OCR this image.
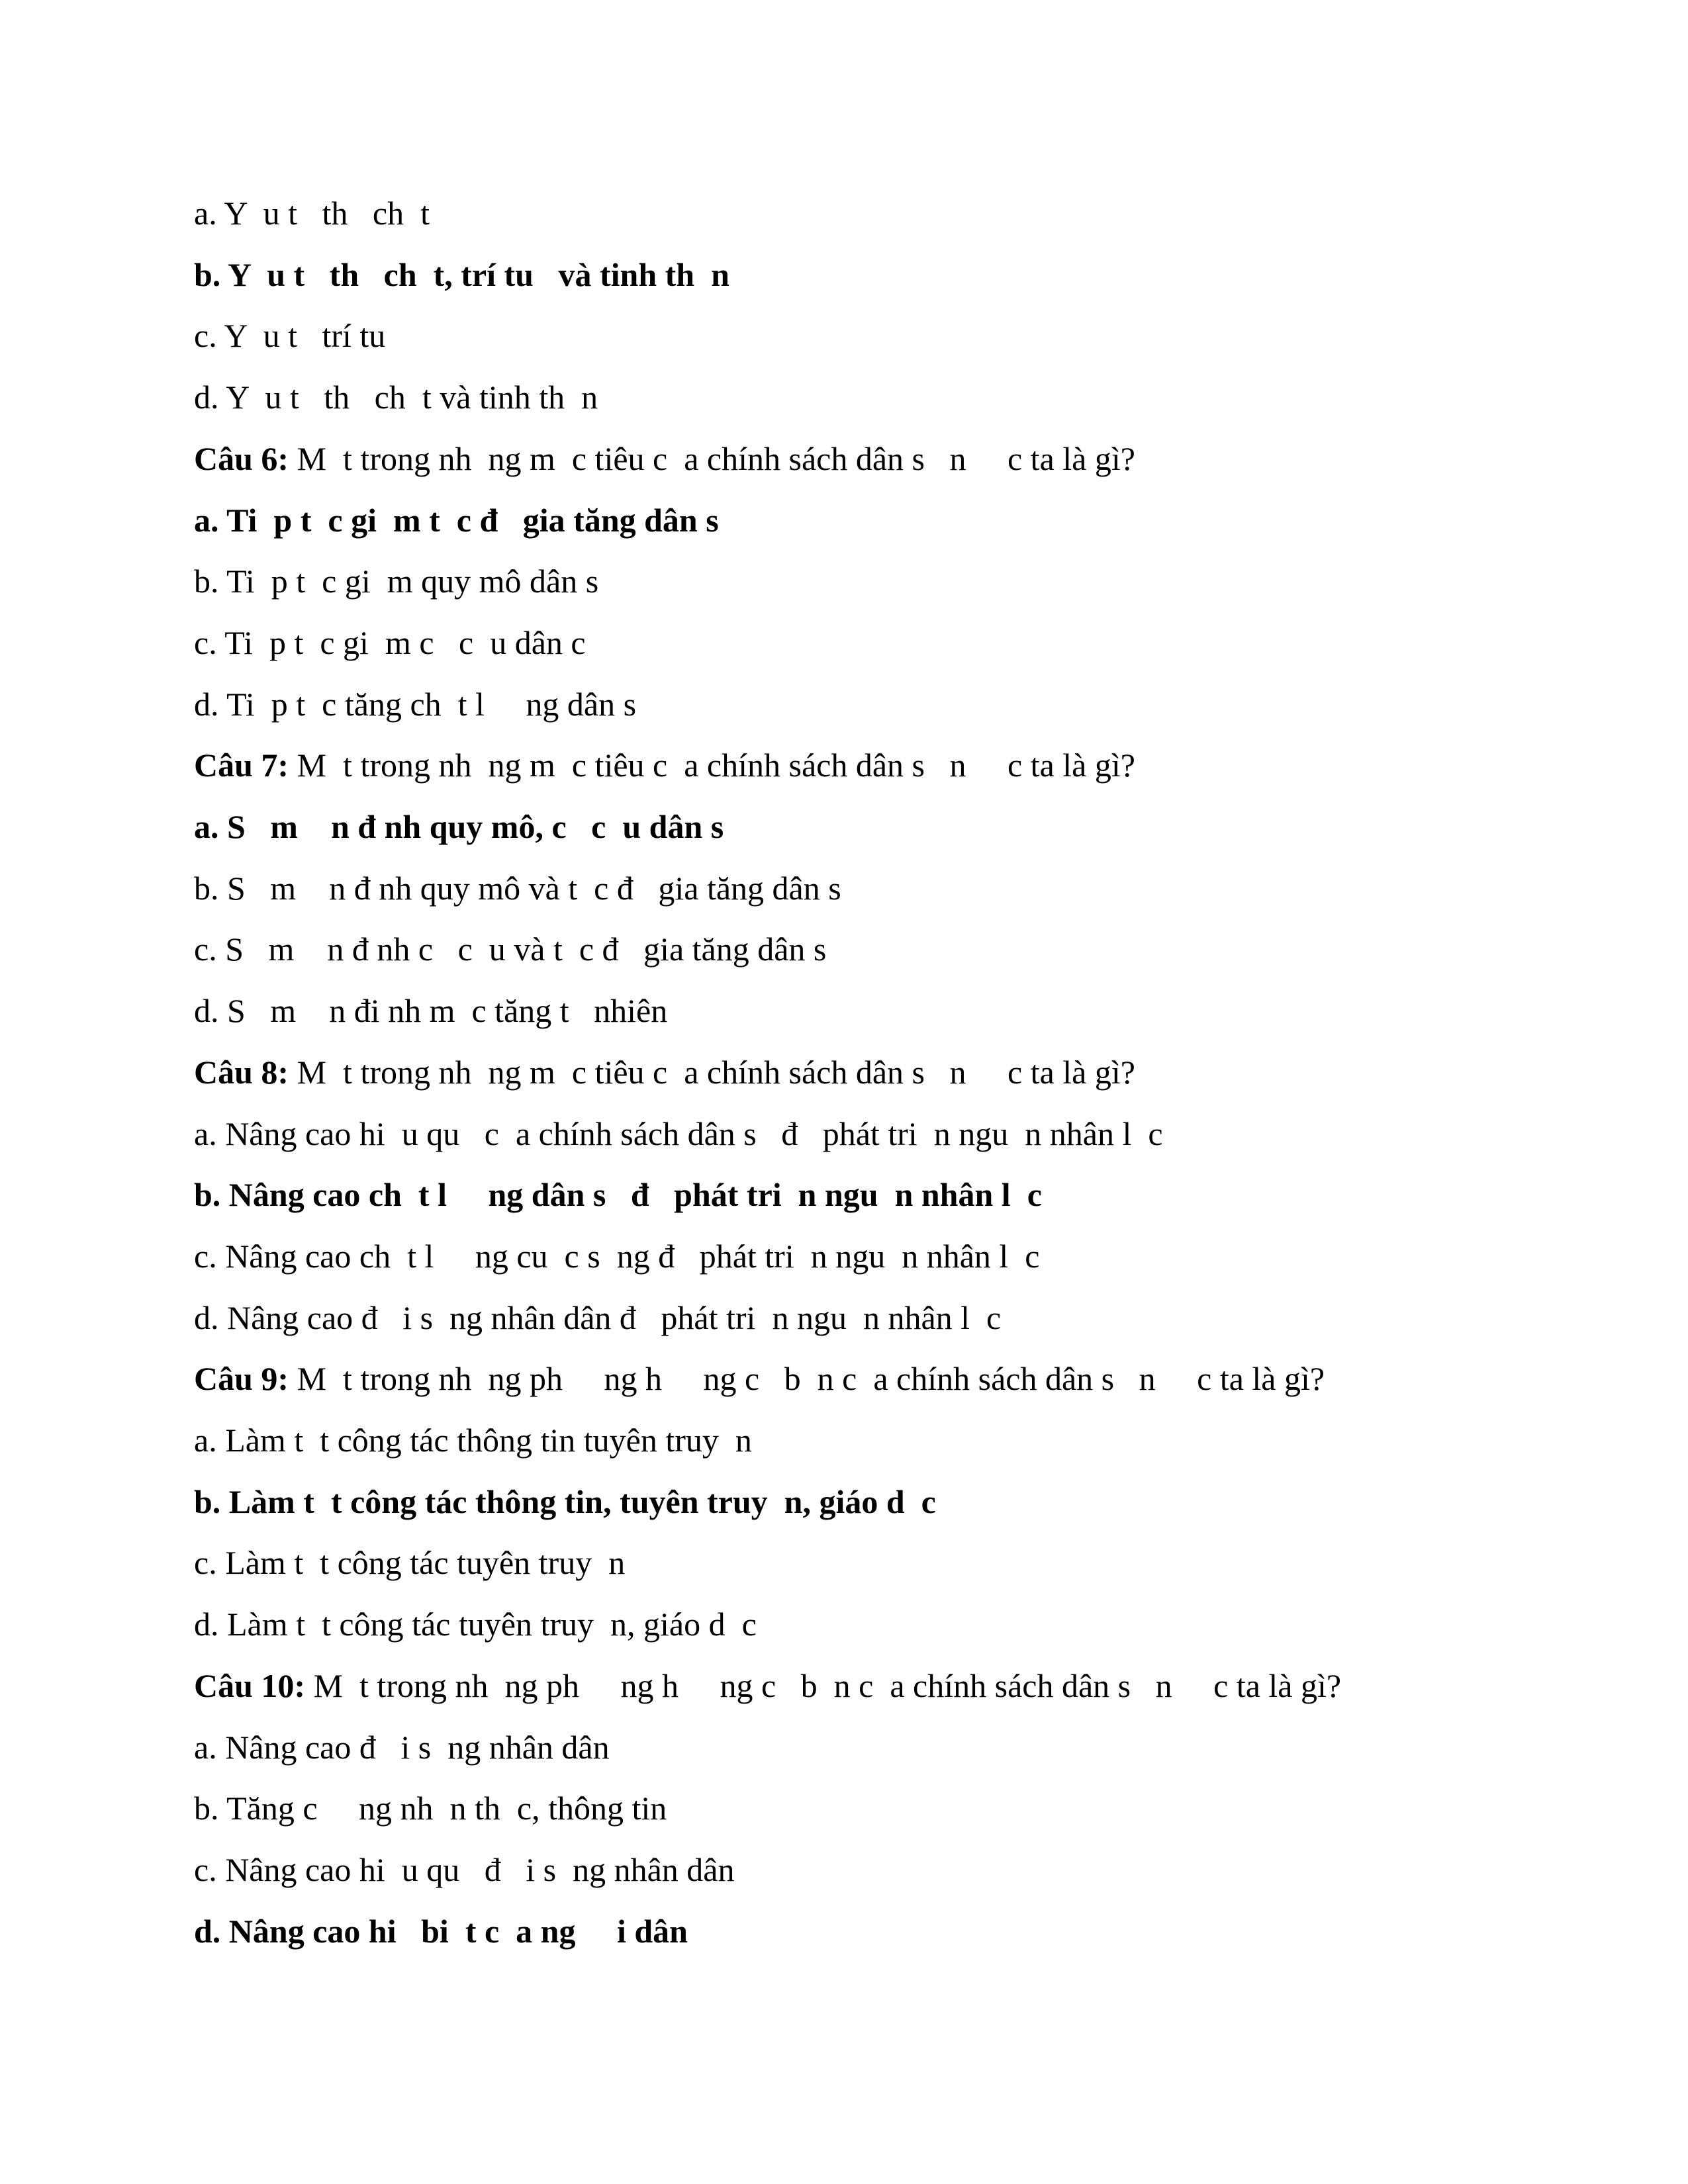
a. Y  u t   th   ch  t
b. Y  u t   th   ch  t, trí tu   và tinh th  n
c. Y  u t   trí tu
d. Y  u t   th   ch  t và tinh th  n
Câu 6: M  t trong nh  ng m  c tiêu c  a chính sách dân s   n     c ta là gì?
a. Ti  p t  c gi  m t  c đ   gia tăng dân s
b. Ti  p t  c gi  m quy mô dân s
c. Ti  p t  c gi  m c   c  u dân c
d. Ti  p t  c tăng ch  t l     ng dân s
Câu 7: M  t trong nh  ng m  c tiêu c  a chính sách dân s   n     c ta là gì?
a. S   m    n đ nh quy mô, c   c  u dân s
b. S   m    n đ nh quy mô và t  c đ   gia tăng dân s
c. S   m    n đ nh c   c  u và t  c đ   gia tăng dân s
d. S   m    n đi nh m  c tăng t   nhiên
Câu 8: M  t trong nh  ng m  c tiêu c  a chính sách dân s   n     c ta là gì?
a. Nâng cao hi  u qu   c  a chính sách dân s   đ   phát tri  n ngu  n nhân l  c
b. Nâng cao ch  t l     ng dân s   đ   phát tri  n ngu  n nhân l  c
c. Nâng cao ch  t l     ng cu  c s  ng đ   phát tri  n ngu  n nhân l  c
d. Nâng cao đ   i s  ng nhân dân đ   phát tri  n ngu  n nhân l  c
Câu 9: M  t trong nh  ng ph     ng h     ng c   b  n c  a chính sách dân s   n     c ta là gì?
a. Làm t  t công tác thông tin tuyên truy  n
b. Làm t  t công tác thông tin, tuyên truy  n, giáo d  c
c. Làm t  t công tác tuyên truy  n
d. Làm t  t công tác tuyên truy  n, giáo d  c
Câu 10: M  t trong nh  ng ph     ng h     ng c   b  n c  a chính sách dân s   n     c ta là gì?
a. Nâng cao đ   i s  ng nhân dân
b. Tăng c     ng nh  n th  c, thông tin
c. Nâng cao hi  u qu   đ   i s  ng nhân dân
d. Nâng cao hi   bi  t c  a ng     i dân
